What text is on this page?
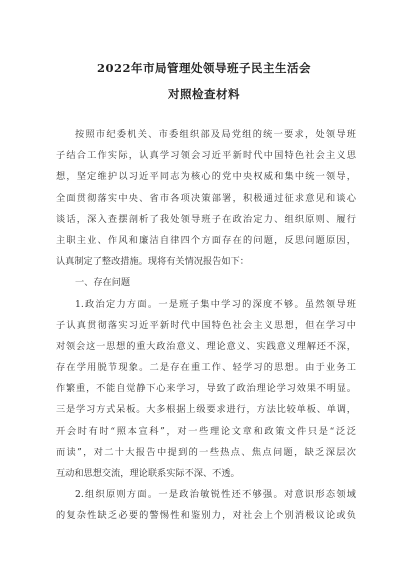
2022年市局管理处领导班子民主生活会
对照检查材料
按照市纪委机关、市委组织部及局党组的统一要求，处领导班
子结合工作实际，认真学习领会习近平新时代中国特色社会主义思
想，坚定维护以习近平同志为核心的党中央权威和集中统一领导，
全面贯彻落实中央、省市各项决策部署，积极通过征求意见和谈心
谈话，深入查摆剖析了我处领导班子在政治定力、组织原则、履行
主职主业、作风和廉洁自律四个方面存在的问题，反思问题原因，
认真制定了整改措施。现将有关情况报告如下：
一、存在问题
1.政治定力方面。一是班子集中学习的深度不够。虽然领导班
子认真贯彻落实习近平新时代中国特色社会主义思想，但在学习中
对领会这一思想的重大政治意义、理论意义、实践意义理解还不深，
存在学用脱节现象。二是存在重工作、轻学习的思想。由于业务工
作繁重，不能自觉静下心来学习，导致了政治理论学习效果不明显。
三是学习方式呆板。大多根据上级要求进行，方法比较单板、单调，
开会时有时“照本宣科”，对一些理论文章和政策文件只是“泛泛
而读”，对二十大报告中提到的一些热点、焦点问题，缺乏深层次
互动和思想交流，理论联系实际不深、不透。
2.组织原则方面。一是政治敏锐性还不够强。对意识形态领域
的复杂性缺乏必要的警惕性和鉴别力，对社会上个别消极议论或负
